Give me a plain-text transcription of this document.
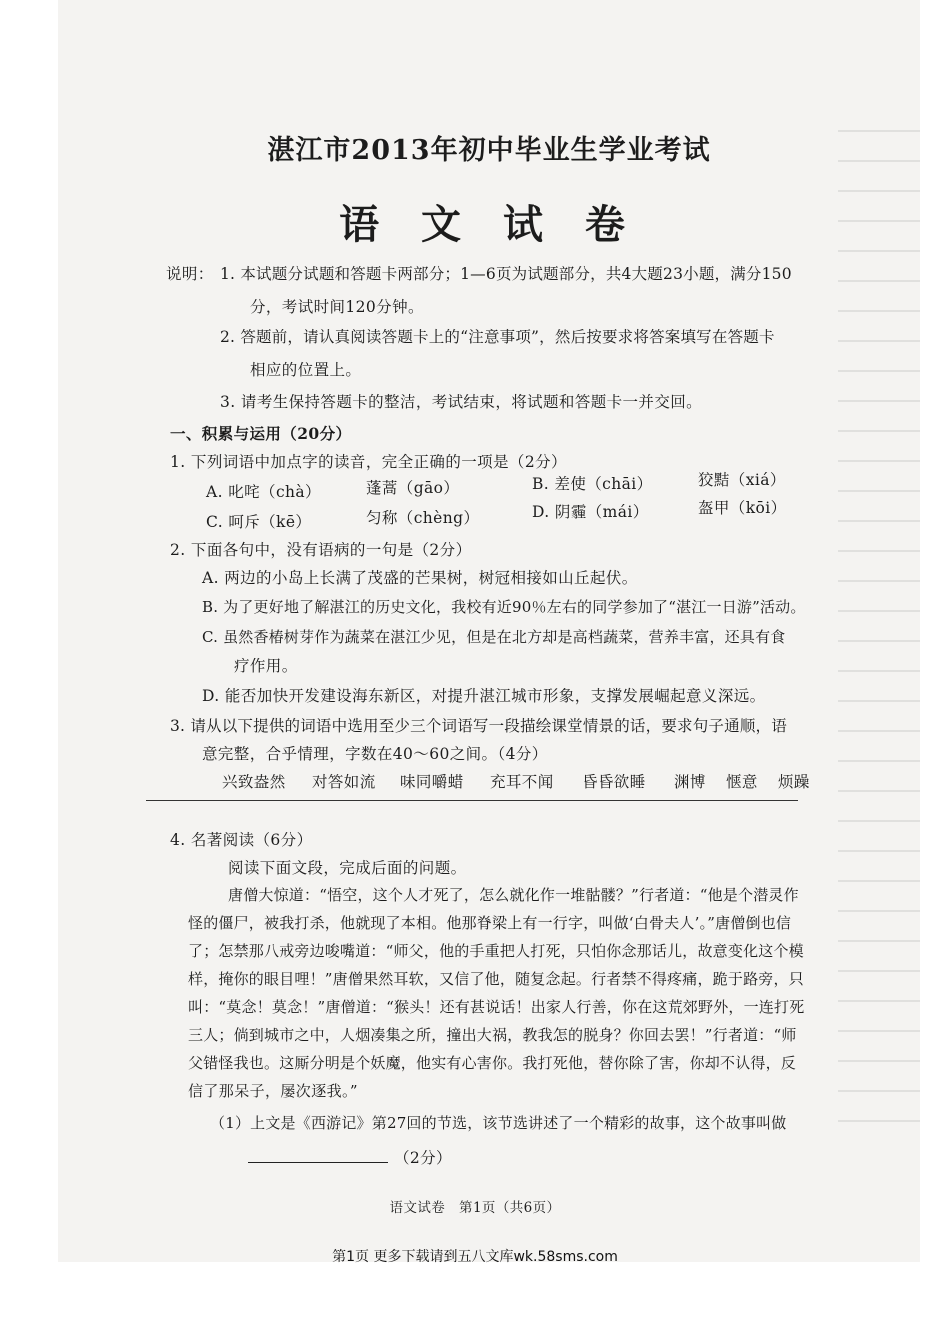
湛江市2013年初中毕业生学业考试
语 文 试 卷
说明： 1. 本试题分试题和答题卡两部分；1—6页为试题部分，共4大题23小题，满分150
分，考试时间120分钟。
2. 答题前，请认真阅读答题卡上的“注意事项”，然后按要求将答案填写在答题卡
相应的位置上。
3. 请考生保持答题卡的整洁，考试结束，将试题和答题卡一并交回。
一、积累与运用（20分）
1. 下列词语中加点字的读音，完全正确的一项是（2分）
A. 叱咤（chà）	蓬蒿（gāo）	B. 差使（chāi）	狡黠（xiá）
C. 呵斥（kē）	匀称（chèng）	D. 阴霾（mái）	盔甲（kōi）
2. 下面各句中，没有语病的一句是（2分）
A. 两边的小岛上长满了茂盛的芒果树，树冠相接如山丘起伏。
B. 为了更好地了解湛江的历史文化，我校有近90％左右的同学参加了“湛江一日游”活动。
C. 虽然香椿树芽作为蔬菜在湛江少见，但是在北方却是高档蔬菜，营养丰富，还具有食
疗作用。
D. 能否加快开发建设海东新区，对提升湛江城市形象，支撑发展崛起意义深远。
3. 请从以下提供的词语中选用至少三个词语写一段描绘课堂情景的话，要求句子通顺，语
意完整，合乎情理，字数在40～60之间。（4分）
兴致盎然 对答如流 味同嚼蜡 充耳不闻 昏昏欲睡 渊博 惬意 烦躁
4. 名著阅读（6分）
阅读下面文段，完成后面的问题。
唐僧大惊道：“悟空，这个人才死了，怎么就化作一堆骷髅？”行者道：“他是个潜灵作
怪的僵尸，被我打杀，他就现了本相。他那脊梁上有一行字，叫做‘白骨夫人’。”唐僧倒也信
了；怎禁那八戒旁边唆嘴道：“师父，他的手重把人打死，只怕你念那话儿，故意变化这个模
样，掩你的眼目哩！”唐僧果然耳软，又信了他，随复念起。行者禁不得疼痛，跪于路旁，只
叫：“莫念！莫念！”唐僧道：“猴头！还有甚说话！出家人行善，你在这荒郊野外，一连打死
三人；倘到城市之中，人烟凑集之所，撞出大祸，教我怎的脱身？你回去罢！”行者道：“师
父错怪我也。这厮分明是个妖魔，他实有心害你。我打死他，替你除了害，你却不认得，反
信了那呆子，屡次逐我。”
（1）上文是《西游记》第27回的节选，该节选讲述了一个精彩的故事，这个故事叫做
（2分）
语文试卷　第1页（共6页）
第1页 更多下载请到五八文库wk.58sms.com
